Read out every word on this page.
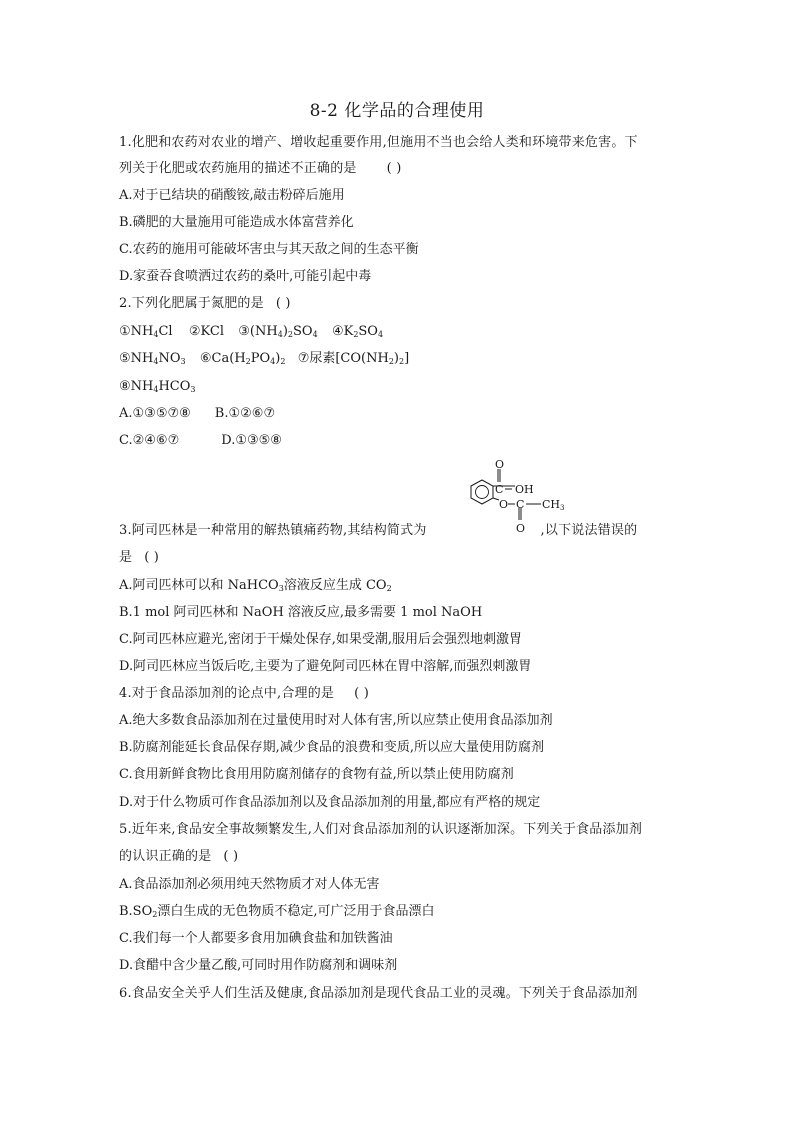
8-2 化学品的合理使用
1.化肥和农药对农业的增产、增收起重要作用,但施用不当也会给人类和环境带来危害。下
列关于化肥或农药施用的描述不正确的是 ( )
A.对于已结块的硝酸铵,敲击粉碎后施用
B.磷肥的大量施用可能造成水体富营养化
C.农药的施用可能破坏害虫与其天敌之间的生态平衡
D.家蚕吞食喷洒过农药的桑叶,可能引起中毒
2.下列化肥属于氮肥的是 ( )
$①NH_4Cl$ ②KCl $③(NH_4)_2SO_4$ $④K_2SO_4$
$⑤NH_4NO_3$ $⑥Ca(H_2PO_4)_2$ ⑦尿素$[CO(NH_2)_2]$
$⑧NH_4HCO_3$
A.①③⑤⑦⑧ B.①②⑥⑦
C.②④⑥⑦	D.①③⑤⑧
O
C OH
O C CH3
O
3.阿司匹林是一种常用的解热镇痛药物,其结构简式为	,以下说法错误的
是 ( )
A.阿司匹林可以和 NaHCO$_3$溶液反应生成 $CO_2$
B.1 mol 阿司匹林和 NaOH 溶液反应,最多需要 1 mol NaOH
C.阿司匹林应避光,密闭于干燥处保存,如果受潮,服用后会强烈地刺激胃
D.阿司匹林应当饭后吃,主要为了避免阿司匹林在胃中溶解,而强烈刺激胃
4.对于食品添加剂的论点中,合理的是 ( )
A.绝大多数食品添加剂在过量使用时对人体有害,所以应禁止使用食品添加剂
B.防腐剂能延长食品保存期,减少食品的浪费和变质,所以应大量使用防腐剂
C.食用新鲜食物比食用用防腐剂储存的食物有益,所以禁止使用防腐剂
D.对于什么物质可作食品添加剂以及食品添加剂的用量,都应有严格的规定
5.近年来,食品安全事故频繁发生,人们对食品添加剂的认识逐渐加深。下列关于食品添加剂
的认识正确的是 ( )
A.食品添加剂必须用纯天然物质才对人体无害
$B.SO_2$漂白生成的无色物质不稳定,可广泛用于食品漂白
C.我们每一个人都要多食用加碘食盐和加铁酱油
D.食醋中含少量乙酸,可同时用作防腐剂和调味剂
6.食品安全关乎人们生活及健康,食品添加剂是现代食品工业的灵魂。下列关于食品添加剂
